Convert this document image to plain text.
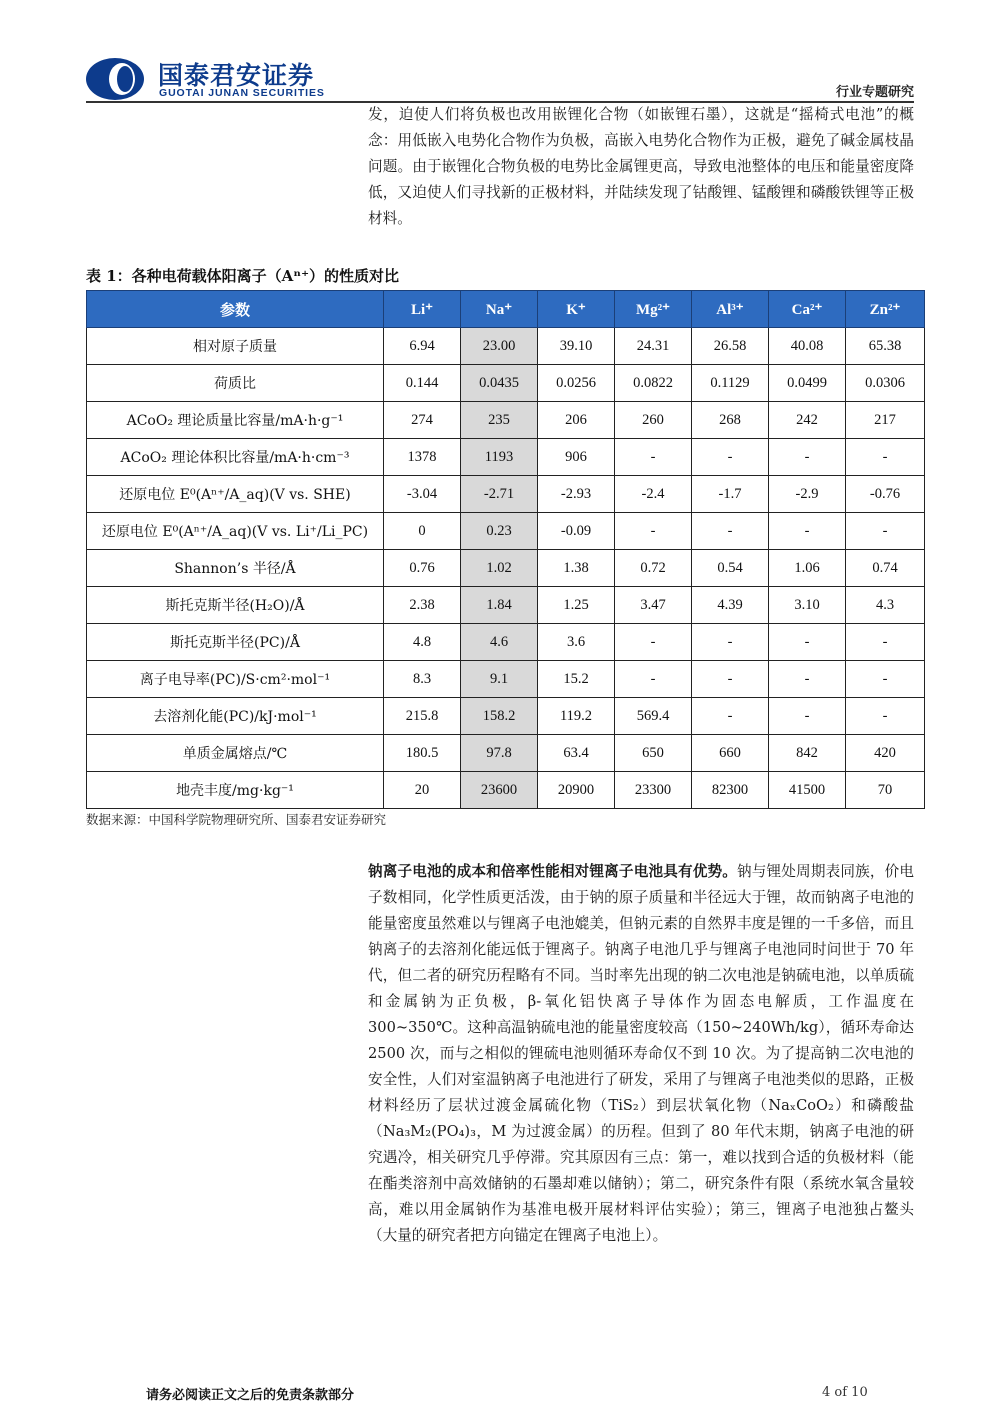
国泰君安证券
GUOTAI JUNAN SECURITIES	行业专题研究
发，迫使人们将负极也改用嵌锂化合物（如嵌锂石墨），这就是“摇椅式电池”的概念：用低嵌入电势化合物作为负极，高嵌入电势化合物作为正极，避免了碱金属枝晶问题。由于嵌锂化合物负极的电势比金属锂更高，导致电池整体的电压和能量密度降低，又迫使人们寻找新的正极材料，并陆续发现了钴酸锂、锰酸锂和磷酸铁锂等正极材料。
表 1：各种电荷载体阳离子（Aⁿ⁺）的性质对比
参数	Li⁺	Na⁺	K⁺	Mg²⁺	Al³⁺	Ca²⁺	Zn²⁺
相对原子质量	6.94	23.00	39.10	24.31	26.58	40.08	65.38
荷质比	0.144	0.0435	0.0256	0.0822	0.1129	0.0499	0.0306
ACoO₂ 理论质量比容量/mA·h·g⁻¹	274	235	206	260	268	242	217
ACoO₂ 理论体积比容量/mA·h·cm⁻³	1378	1193	906	-	-	-	-
还原电位 E⁰(Aⁿ⁺/A_aq)(V vs. SHE)	-3.04	-2.71	-2.93	-2.4	-1.7	-2.9	-0.76
还原电位 E⁰(Aⁿ⁺/A_aq)(V vs. Li⁺/Li_PC)	0	0.23	-0.09	-	-	-	-
Shannon’s 半径/Å	0.76	1.02	1.38	0.72	0.54	1.06	0.74
斯托克斯半径(H₂O)/Å	2.38	1.84	1.25	3.47	4.39	3.10	4.3
斯托克斯半径(PC)/Å	4.8	4.6	3.6	-	-	-	-
离子电导率(PC)/S·cm²·mol⁻¹	8.3	9.1	15.2	-	-	-	-
去溶剂化能(PC)/kJ·mol⁻¹	215.8	158.2	119.2	569.4	-	-	-
单质金属熔点/℃	180.5	97.8	63.4	650	660	842	420
地壳丰度/mg·kg⁻¹	20	23600	20900	23300	82300	41500	70
数据来源：中国科学院物理研究所、国泰君安证券研究
钠离子电池的成本和倍率性能相对锂离子电池具有优势。钠与锂处周期表同族，价电子数相同，化学性质更活泼，由于钠的原子质量和半径远大于锂，故而钠离子电池的能量密度虽然难以与锂离子电池媲美，但钠元素的自然界丰度是锂的一千多倍，而且钠离子的去溶剂化能远低于锂离子。钠离子电池几乎与锂离子电池同时问世于 70 年代，但二者的研究历程略有不同。当时率先出现的钠二次电池是钠硫电池，以单质硫和金属钠为正负极，β-氧化铝快离子导体作为固态电解质，工作温度在 300~350℃。这种高温钠硫电池的能量密度较高（150~240Wh/kg），循环寿命达 2500 次，而与之相似的锂硫电池则循环寿命仅不到 10 次。为了提高钠二次电池的安全性，人们对室温钠离子电池进行了研发，采用了与锂离子电池类似的思路，正极材料经历了层状过渡金属硫化物（TiS₂）到层状氧化物（NaₓCoO₂）和磷酸盐（Na₃M₂(PO₄)₃，M 为过渡金属）的历程。但到了 80 年代末期，钠离子电池的研究遇冷，相关研究几乎停滞。究其原因有三点：第一，难以找到合适的负极材料（能在酯类溶剂中高效储钠的石墨却难以储钠）；第二，研究条件有限（系统水氧含量较高，难以用金属钠作为基准电极开展材料评估实验）；第三，锂离子电池独占鳌头（大量的研究者把方向锚定在锂离子电池上）。
请务必阅读正文之后的免责条款部分	4 of 10
